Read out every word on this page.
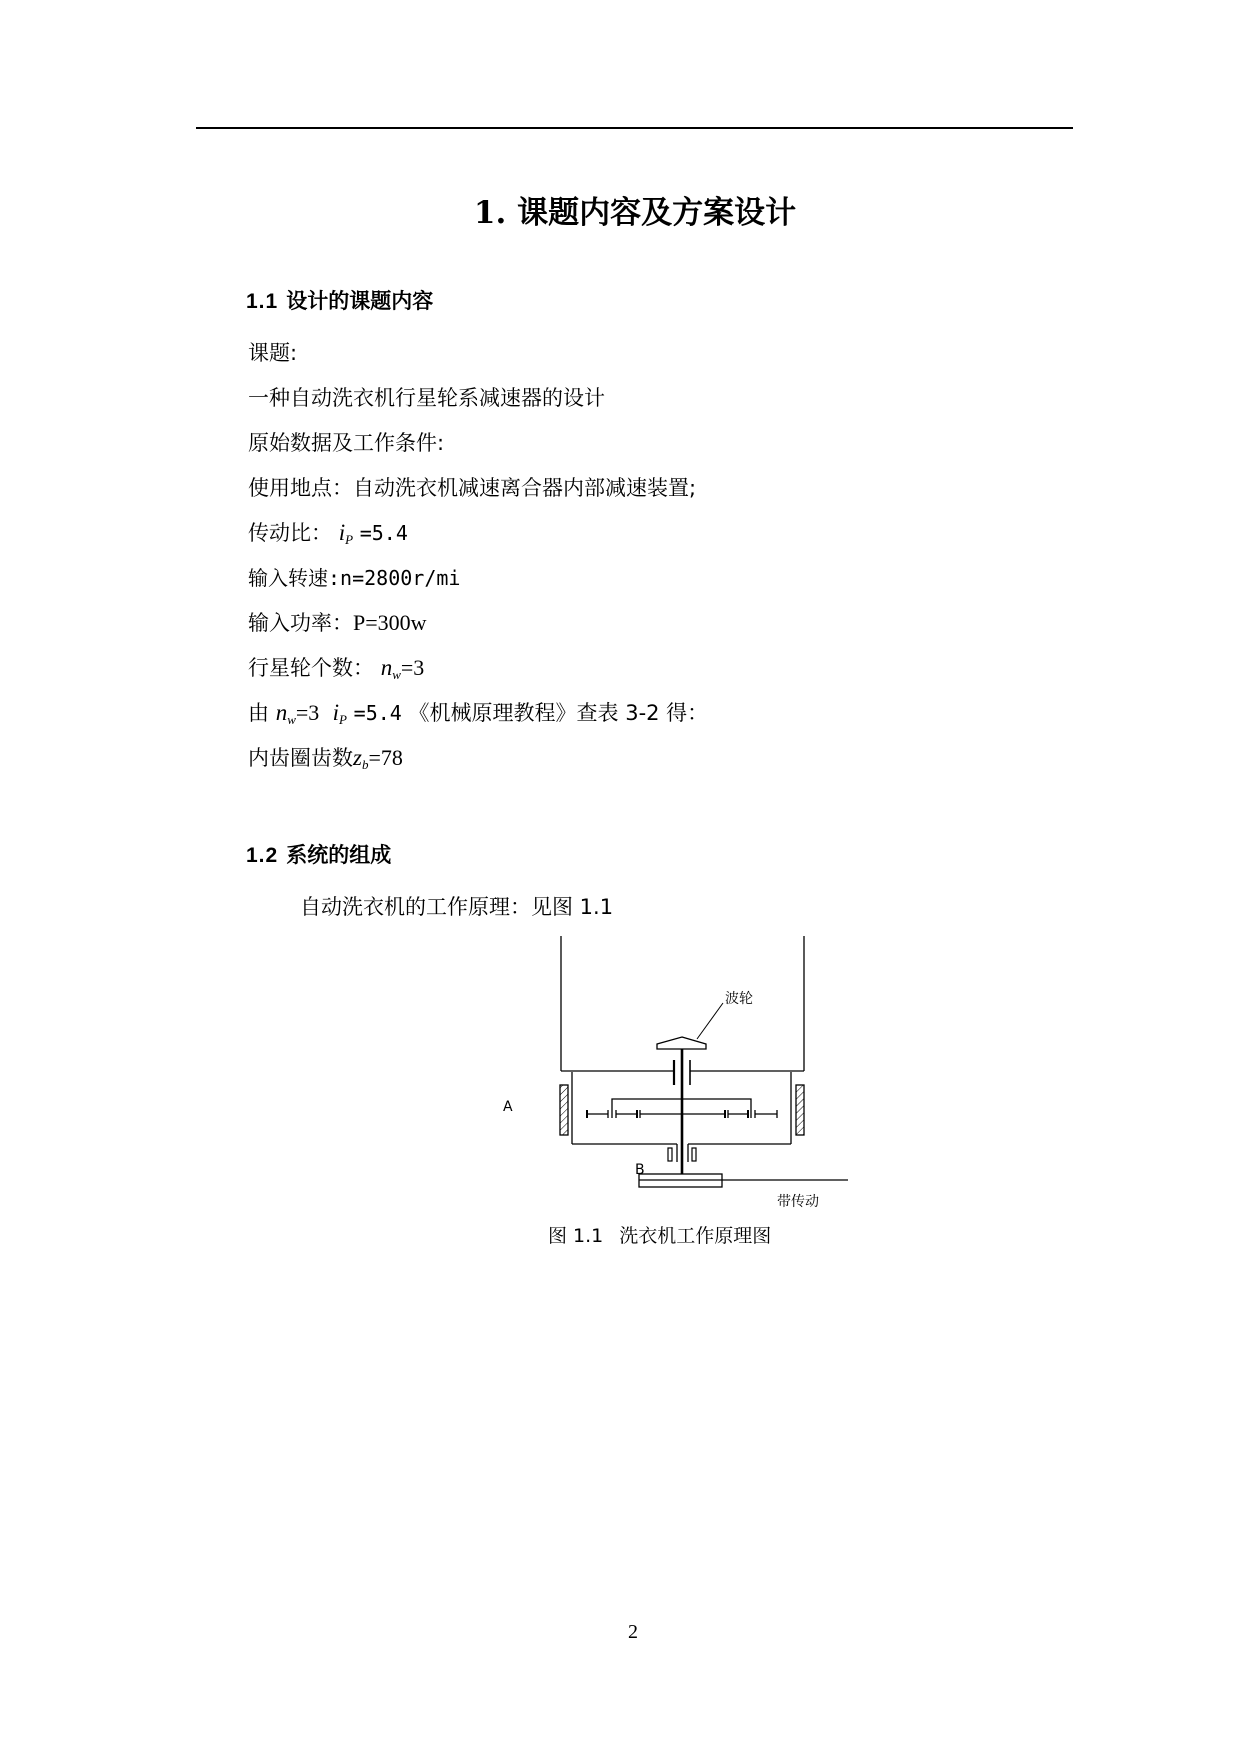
1. 课题内容及方案设计
1.1 设计的课题内容
课题:
一种自动洗衣机行星轮系减速器的设计
原始数据及工作条件:
使用地点：自动洗衣机减速离合器内部减速装置;
传动比： $i_P =5.4$
输入转速:n=2800r/mi
输入功率：P=300w
行星轮个数： $n_w=3$
由 $n_w=3$ $i_P =5.4$ 《机械原理教程》查表 3-2 得：
内齿圈齿数$z_b=78$
1.2 系统的组成
自动洗衣机的工作原理：见图 1.1
波轮
A
B
带传动
图 1.1 洗衣机工作原理图
2
